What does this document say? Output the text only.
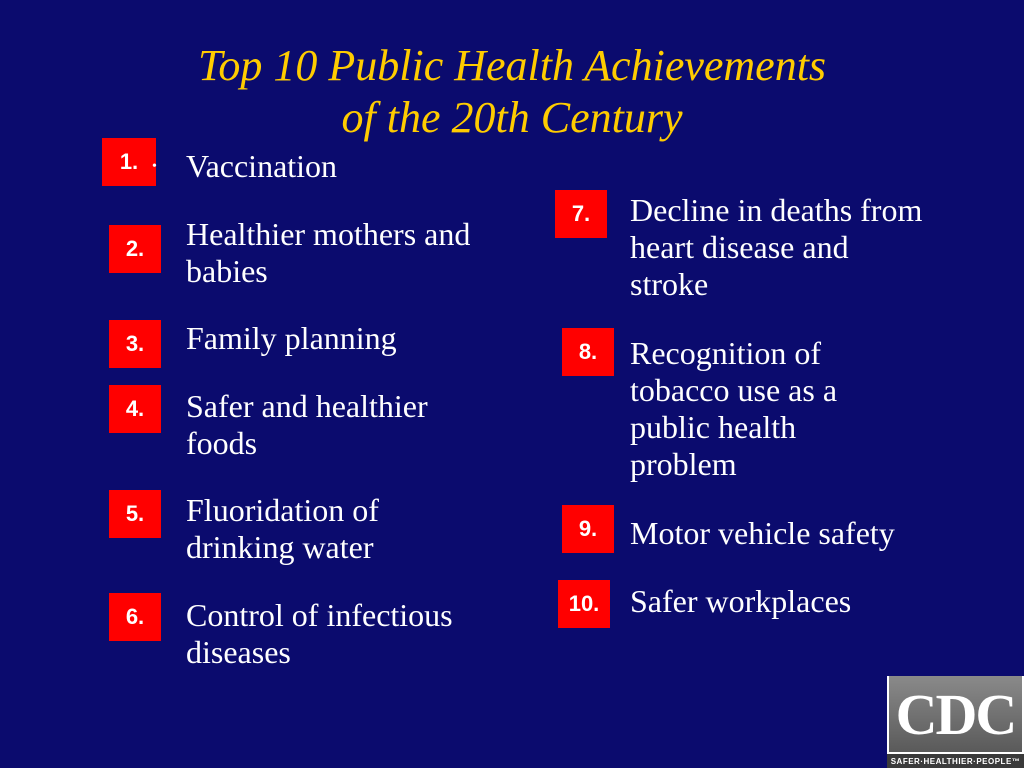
Top 10 Public Health Achievements
of the 20th Century
1. • Vaccination
2.	Healthier mothers and babies
3.	Family planning
4.	Safer and healthier foods
5.	Fluoridation of drinking water
6.	Control of infectious diseases
7.	Decline in deaths from heart disease and stroke
8.	Recognition of tobacco use as a public health problem
9.	Motor vehicle safety
10. Safer workplaces
CDC
SAFER·HEALTHIER·PEOPLE™
